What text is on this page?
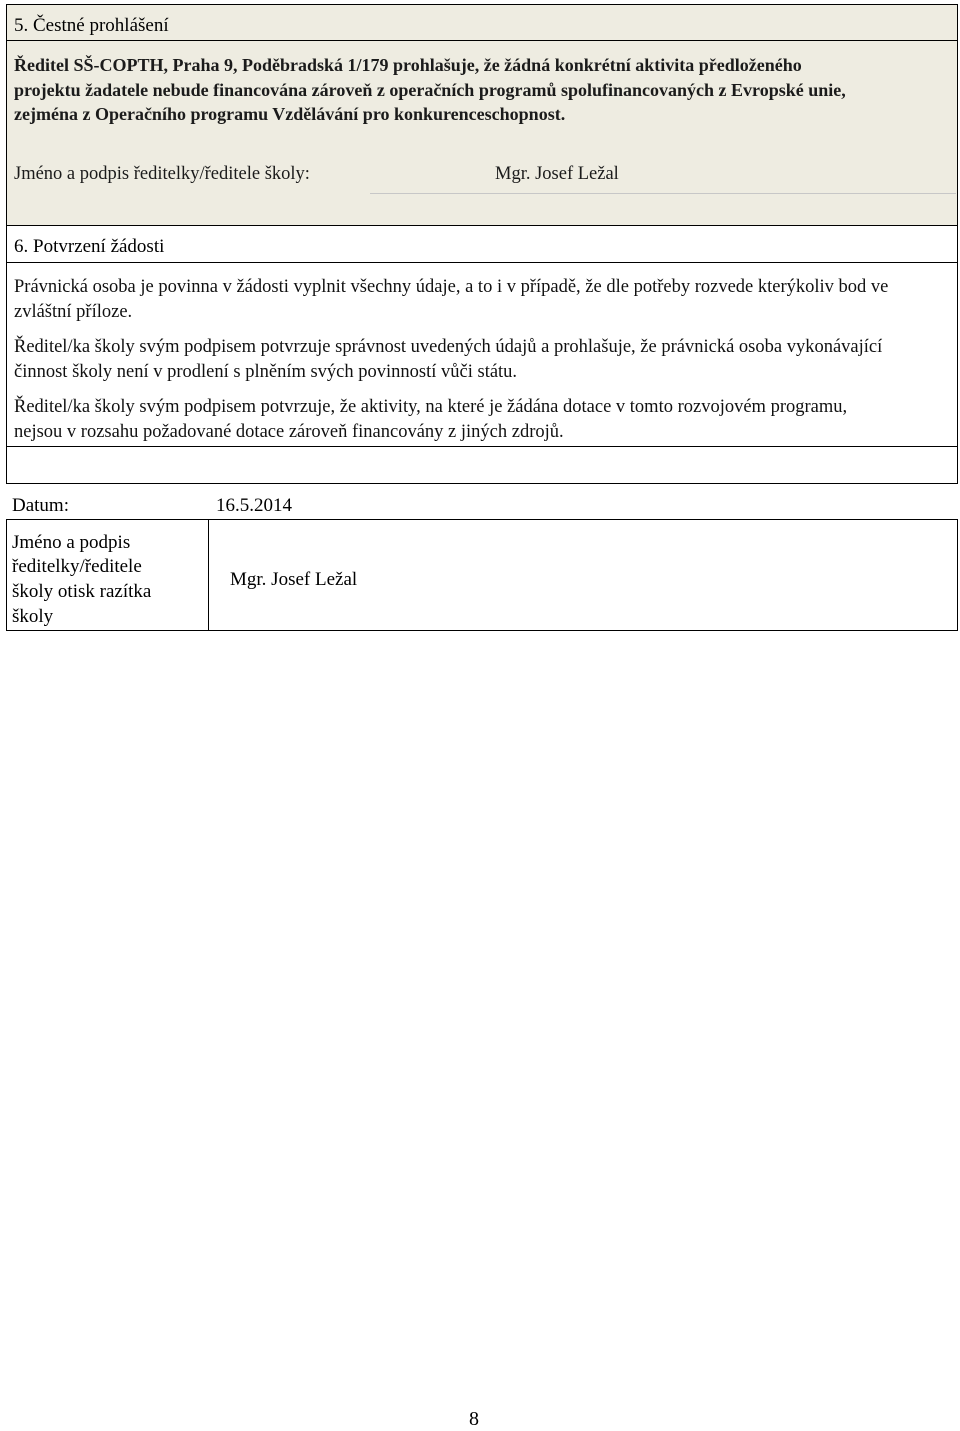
5. Čestné prohlášení
Ředitel SŠ-COPTH, Praha 9, Poděbradská 1/179 prohlašuje, že žádná konkrétní aktivita předloženého projektu žadatele nebude financována zároveň z operačních programů spolufinancovaných z Evropské unie, zejména z Operačního programu Vzdělávání pro konkurenceschopnost.
Jméno a podpis ředitelky/ředitele školy:	Mgr. Josef Ležal
6. Potvrzení žádosti
Právnická osoba je povinna v žádosti vyplnit všechny údaje, a to i v případě, že dle potřeby rozvede kterýkoliv bod ve zvláštní příloze.
Ředitel/ka školy svým podpisem potvrzuje správnost uvedených údajů a prohlašuje, že právnická osoba vykonávající činnost školy není v prodlení s plněním svých povinností vůči státu.
Ředitel/ka školy svým podpisem potvrzuje, že aktivity, na které je žádána dotace v tomto rozvojovém programu, nejsou v rozsahu požadované dotace zároveň financovány z jiných zdrojů.
Datum:	16.5.2014
Jméno a podpis
ředitelky/ředitele
školy otisk razítka
školy
Mgr. Josef Ležal
8
